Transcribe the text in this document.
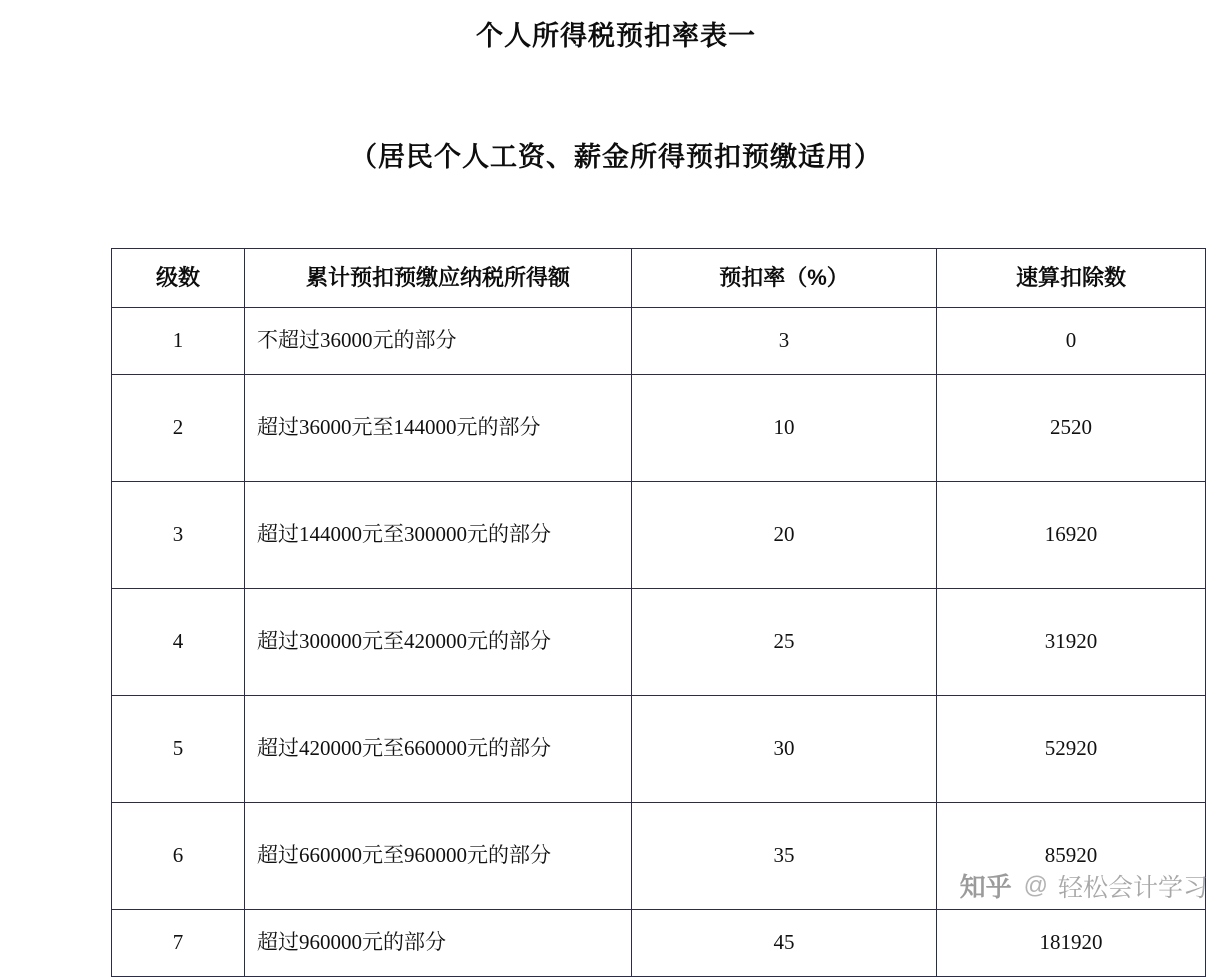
个人所得税预扣率表一
（居民个人工资、薪金所得预扣预缴适用）
级数	累计预扣预缴应纳税所得额	预扣率（%）	速算扣除数
1	不超过36000元的部分	3	0
2	超过36000元至144000元的部分	10	2520
3	超过144000元至300000元的部分	20	16920
4	超过300000元至420000元的部分	25	31920
5	超过420000元至660000元的部分	30	52920
6	超过660000元至960000元的部分	35	85920
7	超过960000元的部分	45	181920
知乎 @ 轻松会计学习
